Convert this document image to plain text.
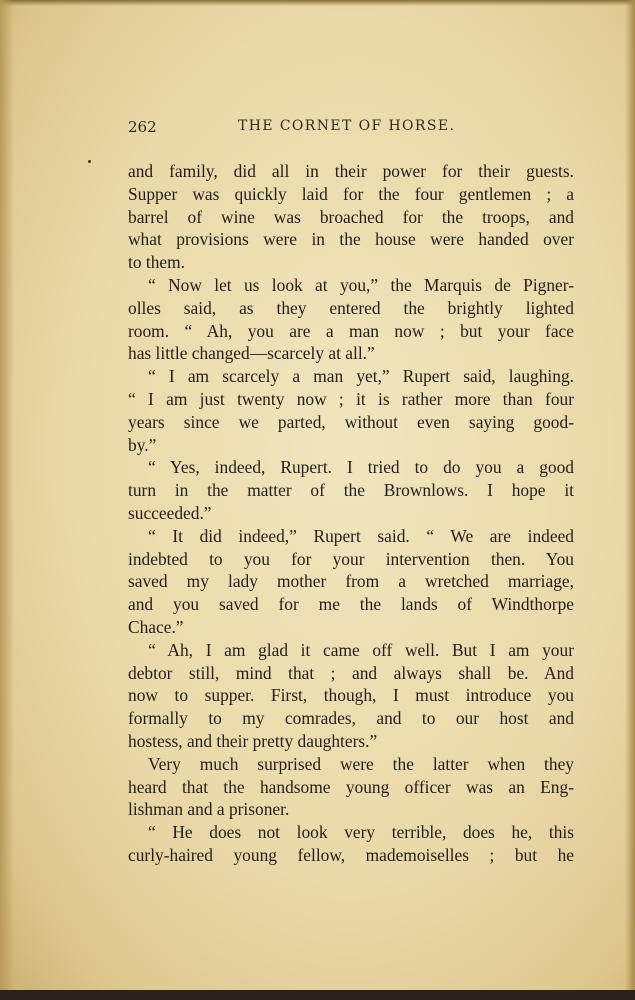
262	THE CORNET OF HORSE.
and family, did all in their power for their guests.
Supper was quickly laid for the four gentlemen ; a
barrel of wine was broached for the troops, and
what provisions were in the house were handed over
to them.
“ Now let us look at you,” the Marquis de Pigner-
olles said, as they entered the brightly lighted
room. “ Ah, you are a man now ; but your face
has little changed—scarcely at all.”
“ I am scarcely a man yet,” Rupert said, laughing.
“ I am just twenty now ; it is rather more than four
years since we parted, without even saying good-
by.”
“ Yes, indeed, Rupert. I tried to do you a good
turn in the matter of the Brownlows. I hope it
succeeded.”
“ It did indeed,” Rupert said. “ We are indeed
indebted to you for your intervention then. You
saved my lady mother from a wretched marriage,
and you saved for me the lands of Windthorpe
Chace.”
“ Ah, I am glad it came off well. But I am your
debtor still, mind that ; and always shall be. And
now to supper. First, though, I must introduce you
formally to my comrades, and to our host and
hostess, and their pretty daughters.”
Very much surprised were the latter when they
heard that the handsome young officer was an Eng-
lishman and a prisoner.
“ He does not look very terrible, does he, this
curly-haired young fellow, mademoiselles ; but he
